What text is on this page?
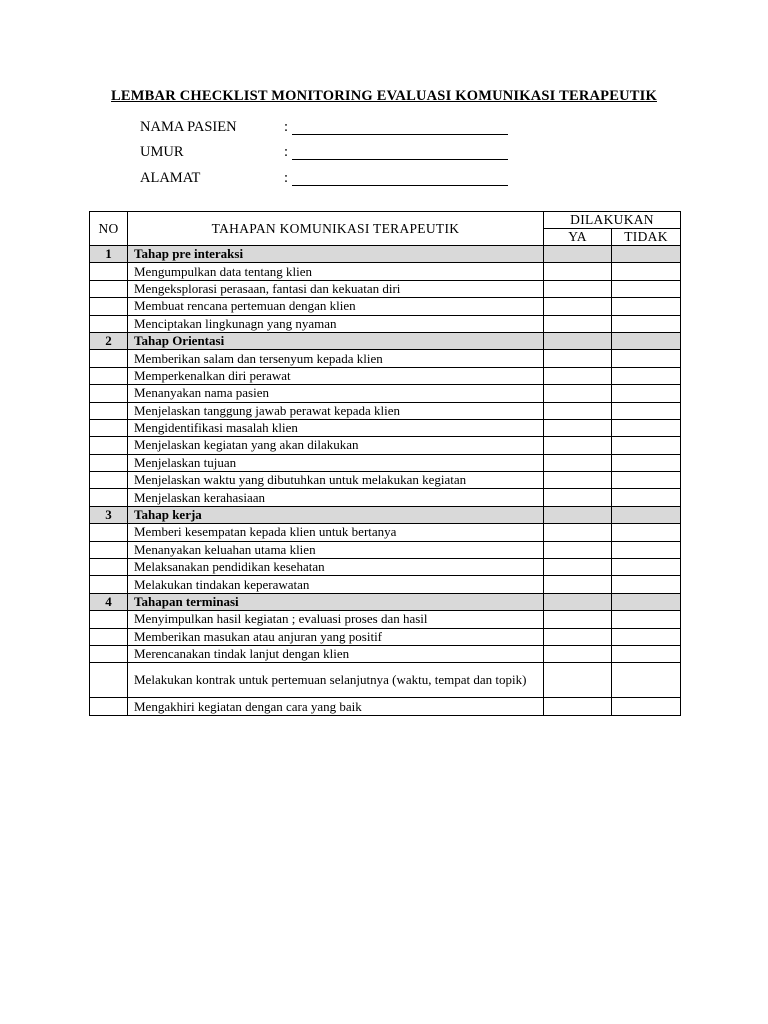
LEMBAR CHECKLIST MONITORING EVALUASI KOMUNIKASI TERAPEUTIK
NAMA PASIEN	:
UMUR	:
ALAMAT	:
NO	TAHAPAN KOMUNIKASI TERAPEUTIK	DILAKUKAN	
		YA	TIDAK
1	Tahap pre interaksi		
	Mengumpulkan data tentang klien		
	Mengeksplorasi perasaan, fantasi dan kekuatan diri		
	Membuat rencana pertemuan dengan klien		
	Menciptakan lingkunagn yang nyaman		
2	Tahap Orientasi		
	Memberikan salam dan tersenyum kepada klien		
	Memperkenalkan diri perawat		
	Menanyakan nama pasien		
	Menjelaskan tanggung jawab perawat kepada klien		
	Mengidentifikasi masalah klien		
	Menjelaskan kegiatan yang akan dilakukan		
	Menjelaskan tujuan		
	Menjelaskan waktu yang dibutuhkan untuk melakukan kegiatan		
	Menjelaskan kerahasiaan		
3	Tahap kerja		
	Memberi kesempatan kepada klien untuk bertanya		
	Menanyakan keluahan utama klien		
	Melaksanakan pendidikan kesehatan		
	Melakukan tindakan keperawatan		
4	Tahapan terminasi		
	Menyimpulkan hasil kegiatan ; evaluasi proses dan hasil		
	Memberikan masukan atau anjuran yang positif		
	Merencanakan tindak lanjut dengan klien		
	Melakukan kontrak untuk pertemuan selanjutnya (waktu, tempat dan topik)		
	Mengakhiri kegiatan dengan cara yang baik		
